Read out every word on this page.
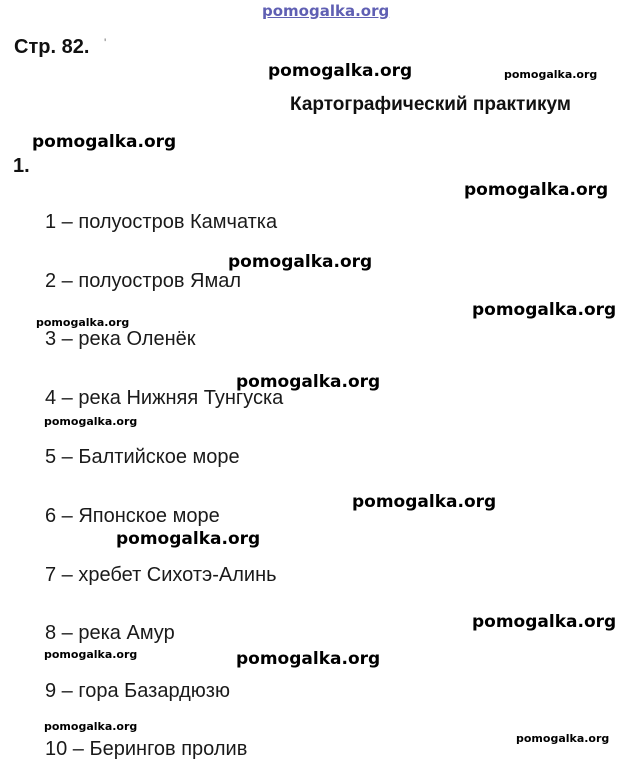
pomogalka.org
Стр. 82. '
pomogalka.org	pomogalka.org
Картографический практикум
pomogalka.org
1.
pomogalka.org
1 – полуостров Камчатка
2 – полуостров Ямал
3 – река Оленёк
4 – река Нижняя Тунгуска
5 – Балтийское море
6 – Японское море
7 – хребет Сихотэ-Алинь
8 – река Амур
9 – гора Базардюзю
10 – Берингов пролив
pomogalka.org
pomogalka.org
pomogalka.org
pomogalka.org
pomogalka.org
pomogalka.org
pomogalka.org
pomogalka.org
pomogalka.org	pomogalka.org
pomogalka.org
pomogalka.org
